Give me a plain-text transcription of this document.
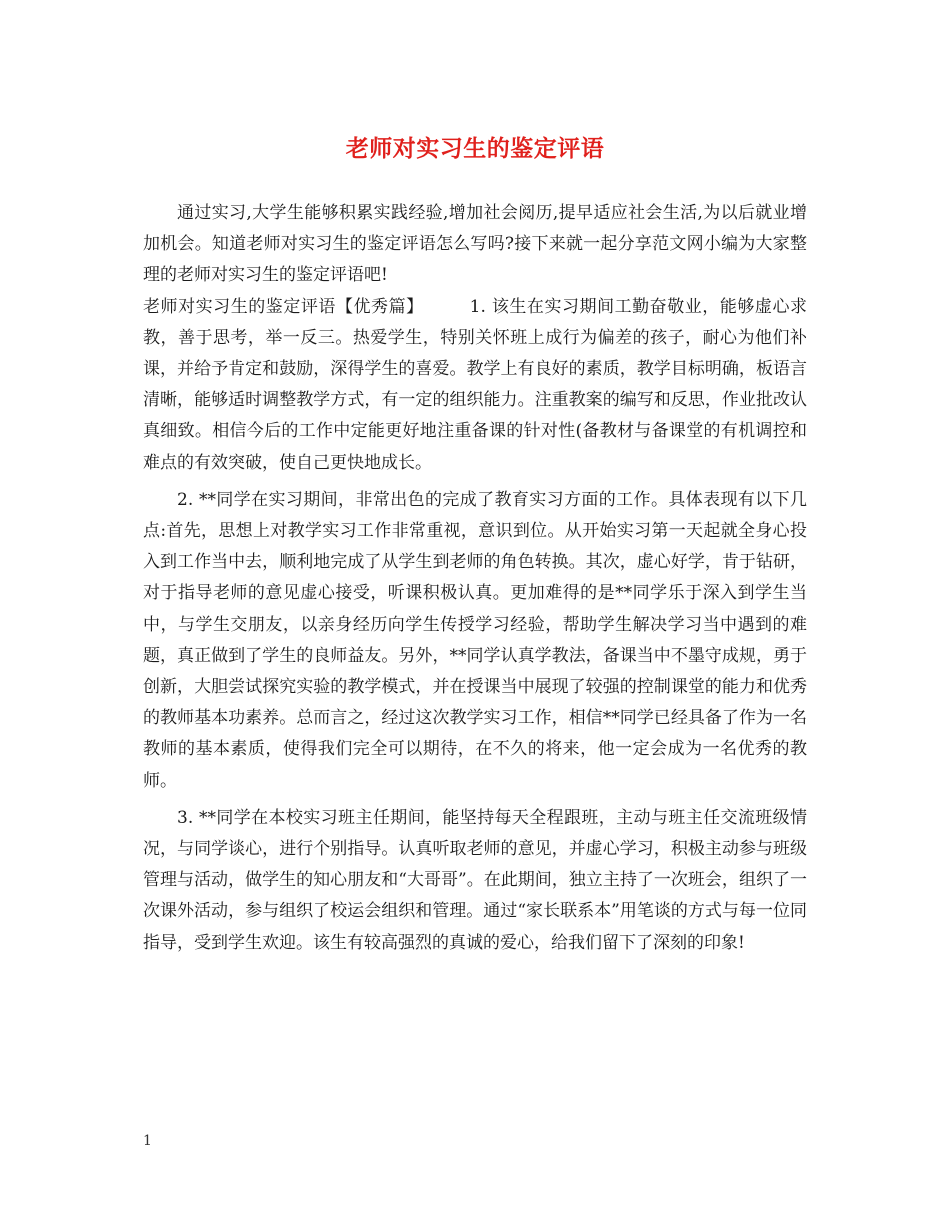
老师对实习生的鉴定评语

通过实习,大学生能够积累实践经验,增加社会阅历,提早适应社会生活,为以后就业增加机会。知道老师对实习生的鉴定评语怎么写吗?接下来就一起分享范文网小编为大家整理的老师对实习生的鉴定评语吧!

老师对实习生的鉴定评语【优秀篇】	1. 该生在实习期间工勤奋敬业，能够虚心求教，善于思考，举一反三。热爱学生，特别关怀班上成行为偏差的孩子，耐心为他们补课，并给予肯定和鼓励，深得学生的喜爱。教学上有良好的素质，教学目标明确，板语言清晰，能够适时调整教学方式，有一定的组织能力。注重教案的编写和反思，作业批改认真细致。相信今后的工作中定能更好地注重备课的针对性(备教材与备课堂的有机调控和难点的有效突破，使自己更快地成长。

2. **同学在实习期间，非常出色的完成了教育实习方面的工作。具体表现有以下几点:首先，思想上对教学实习工作非常重视，意识到位。从开始实习第一天起就全身心投入到工作当中去，顺利地完成了从学生到老师的角色转换。其次，虚心好学，肯于钻研，对于指导老师的意见虚心接受，听课积极认真。更加难得的是**同学乐于深入到学生当中，与学生交朋友，以亲身经历向学生传授学习经验，帮助学生解决学习当中遇到的难题，真正做到了学生的良师益友。另外，**同学认真学教法，备课当中不墨守成规，勇于创新，大胆尝试探究实验的教学模式，并在授课当中展现了较强的控制课堂的能力和优秀的教师基本功素养。总而言之，经过这次教学实习工作，相信**同学已经具备了作为一名教师的基本素质，使得我们完全可以期待，在不久的将来，他一定会成为一名优秀的教师。

3. **同学在本校实习班主任期间，能坚持每天全程跟班，主动与班主任交流班级情况，与同学谈心，进行个别指导。认真听取老师的意见，并虚心学习，积极主动参与班级管理与活动，做学生的知心朋友和“大哥哥”。在此期间，独立主持了一次班会，组织了一次课外活动，参与组织了校运会组织和管理。通过“家长联系本”用笔谈的方式与每一位同指导，受到学生欢迎。该生有较高强烈的真诚的爱心，给我们留下了深刻的印象!

1
